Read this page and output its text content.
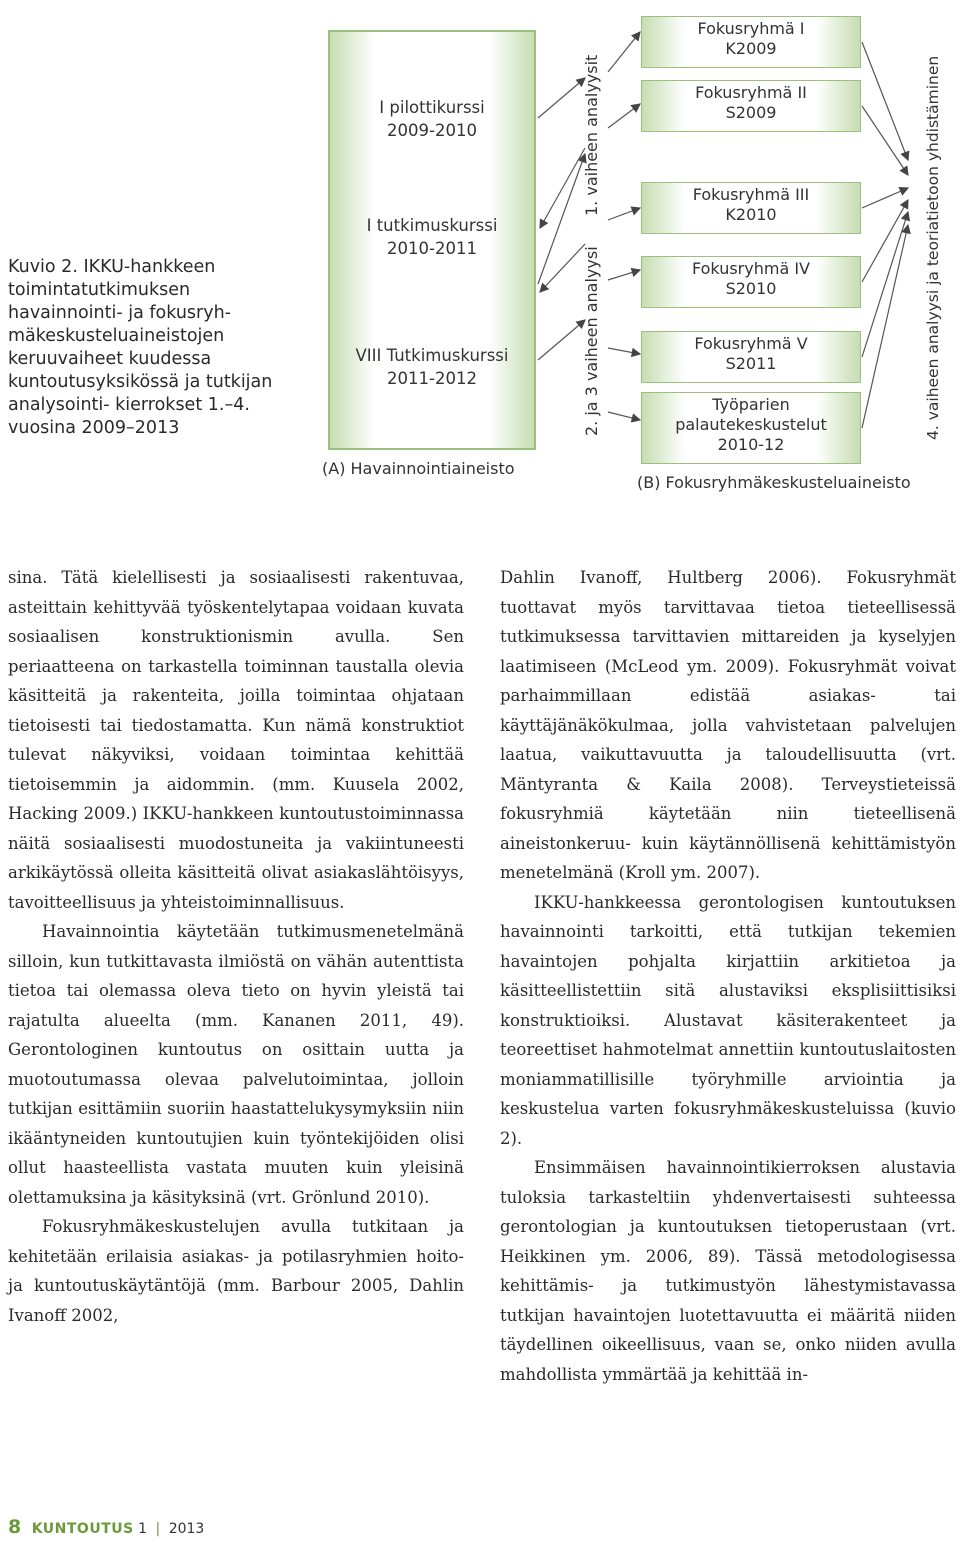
Kuvio 2. IKKU-hankkeen toimintatutkimuksen havainnointi- ja fokusryh- mäkeskusteluaineistojen keruuvaiheet kuudessa kuntoutusyksikössä ja tutkijan analysointi- kierrokset 1.–4. vuosina 2009–2013
I pilottikurssi
2009-2010
I tutkimuskurssi
2010-2011
VIII Tutkimuskurssi
2011-2012
(A) Havainnointiaineisto
1. vaiheen analyysit
2. ja 3 vaiheen analyysi
Fokusryhmä I
K2009
Fokusryhmä II
S2009
Fokusryhmä III
K2010
Fokusryhmä IV
S2010
Fokusryhmä V
S2011
Työparien
palautekeskustelut
2010-12
(B) Fokusryhmäkeskusteluaineisto
4. vaiheen analyysi ja teoriatietoon yhdistäminen

sina. Tätä kielellisesti ja sosiaalisesti rakentuvaa, asteittain kehittyvää työskentelytapaa voidaan kuvata sosiaalisen konstruktionismin avulla. Sen periaatteena on tarkastella toiminnan taustalla olevia käsitteitä ja rakenteita, joilla toimintaa ohjataan tietoisesti tai tiedostamatta. Kun nämä konstruktiot tulevat näkyviksi, voidaan toimintaa kehittää tietoisemmin ja aidommin. (mm. Kuusela 2002, Hacking 2009.) IKKU-hankkeen kuntoutustoiminnassa näitä sosiaalisesti muodostuneita ja vakiintuneesti arkikäytössä olleita käsitteitä olivat asiakaslähtöisyys, tavoitteellisuus ja yhteistoiminnallisuus.

Havainnointia käytetään tutkimusmenetelmänä silloin, kun tutkittavasta ilmiöstä on vähän autenttista tietoa tai olemassa oleva tieto on hyvin yleistä tai rajatulta alueelta (mm. Kananen 2011, 49). Gerontologinen kuntoutus on osittain uutta ja muotoutumassa olevaa palvelutoimintaa, jolloin tutkijan esittämiin suoriin haastattelukysymyksiin niin ikääntyneiden kuntoutujien kuin työntekijöiden olisi ollut haasteellista vastata muuten kuin yleisinä olettamuksina ja käsityksinä (vrt. Grönlund 2010).

Fokusryhmäkeskustelujen avulla tutkitaan ja kehitetään erilaisia asiakas- ja potilasryhmien hoito- ja kuntoutuskäytäntöjä (mm. Barbour 2005, Dahlin Ivanoff 2002,

Dahlin Ivanoff, Hultberg 2006). Fokusryhmät tuottavat myös tarvittavaa tietoa tieteellisessä tutkimuksessa tarvittavien mittareiden ja kyselyjen laatimiseen (McLeod ym. 2009). Fokusryhmät voivat parhaimmillaan edistää asiakas- tai käyttäjänäkökulmaa, jolla vahvistetaan palvelujen laatua, vaikuttavuutta ja taloudellisuutta (vrt. Mäntyranta & Kaila 2008). Terveystieteissä fokusryhmiä käytetään niin tieteellisenä aineistonkeruu- kuin käytännöllisenä kehittämistyön menetelmänä (Kroll ym. 2007).

IKKU-hankkeessa gerontologisen kuntoutuksen havainnointi tarkoitti, että tutkijan tekemien havaintojen pohjalta kirjattiin arkitietoa ja käsitteellistettiin sitä alustaviksi eksplisiittisiksi konstruktioiksi. Alustavat käsiterakenteet ja teoreettiset hahmotelmat annettiin kuntoutuslaitosten moniammatillisille työryhmille arviointia ja keskustelua varten fokusryhmäkeskusteluissa (kuvio 2).

Ensimmäisen havainnointikierroksen alustavia tuloksia tarkasteltiin yhdenvertaisesti suhteessa gerontologian ja kuntoutuksen tietoperustaan (vrt. Heikkinen ym. 2006, 89). Tässä metodologisessa kehittämis- ja tutkimustyön lähestymistavassa tutkijan havaintojen luotettavuutta ei määritä niiden täydellinen oikeellisuus, vaan se, onko niiden avulla mahdollista ymmärtää ja kehittää in-

8 KUNTOUTUS 1 | 2013
